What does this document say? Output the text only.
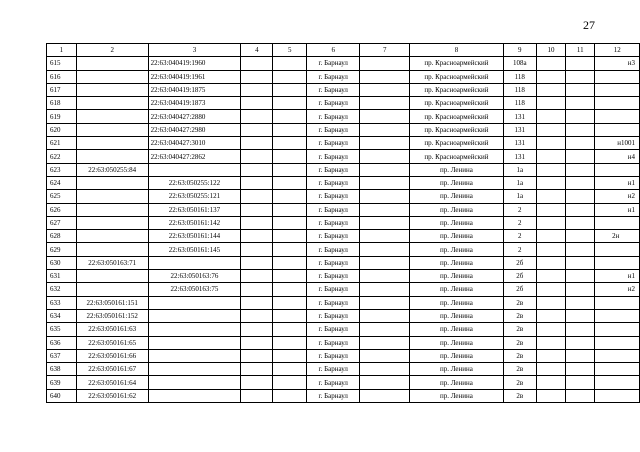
27
1	2	3	4	5	6	7	8	9	10	11	12
615		22:63:040419:1960			г. Барнаул		пр. Красноармейский	108а			н3
616		22:63:040419:1961			г. Барнаул		пр. Красноармейский	118			
617		22:63:040419:1875			г. Барнаул		пр. Красноармейский	118			
618		22:63:040419:1873			г. Барнаул		пр. Красноармейский	118			
619		22:63:040427:2880			г. Барнаул		пр. Красноармейский	131			
620		22:63:040427:2980			г. Барнаул		пр. Красноармейский	131			
621		22:63:040427:3010			г. Барнаул		пр. Красноармейский	131			н1001
622		22:63:040427:2862			г. Барнаул		пр. Красноармейский	131			н4
623	22:63:050255:84				г. Барнаул		пр. Ленина	1а			
624		22:63:050255:122			г. Барнаул		пр. Ленина	1а			н1
625		22:63:050255:121			г. Барнаул		пр. Ленина	1а			н2
626		22:63:050161:137			г. Барнаул		пр. Ленина	2			н1
627		22:63:050161:142			г. Барнаул		пр. Ленина	2			
628		22:63:050161:144			г. Барнаул		пр. Ленина	2			2н
629		22:63:050161:145			г. Барнаул		пр. Ленина	2			
630	22:63:050163:71				г. Барнаул		пр. Ленина	2б			
631		22:63:050163:76			г. Барнаул		пр. Ленина	2б			н1
632		22:63:050163:75			г. Барнаул		пр. Ленина	2б			н2
633	22:63:050161:151				г. Барнаул		пр. Ленина	2в			
634	22:63:050161:152				г. Барнаул		пр. Ленина	2в			
635	22:63:050161:63				г. Барнаул		пр. Ленина	2в			
636	22:63:050161:65				г. Барнаул		пр. Ленина	2в			
637	22:63:050161:66				г. Барнаул		пр. Ленина	2в			
638	22:63:050161:67				г. Барнаул		пр. Ленина	2в			
639	22:63:050161:64				г. Барнаул		пр. Ленина	2в			
640	22:63:050161:62				г. Барнаул		пр. Ленина	2в			
